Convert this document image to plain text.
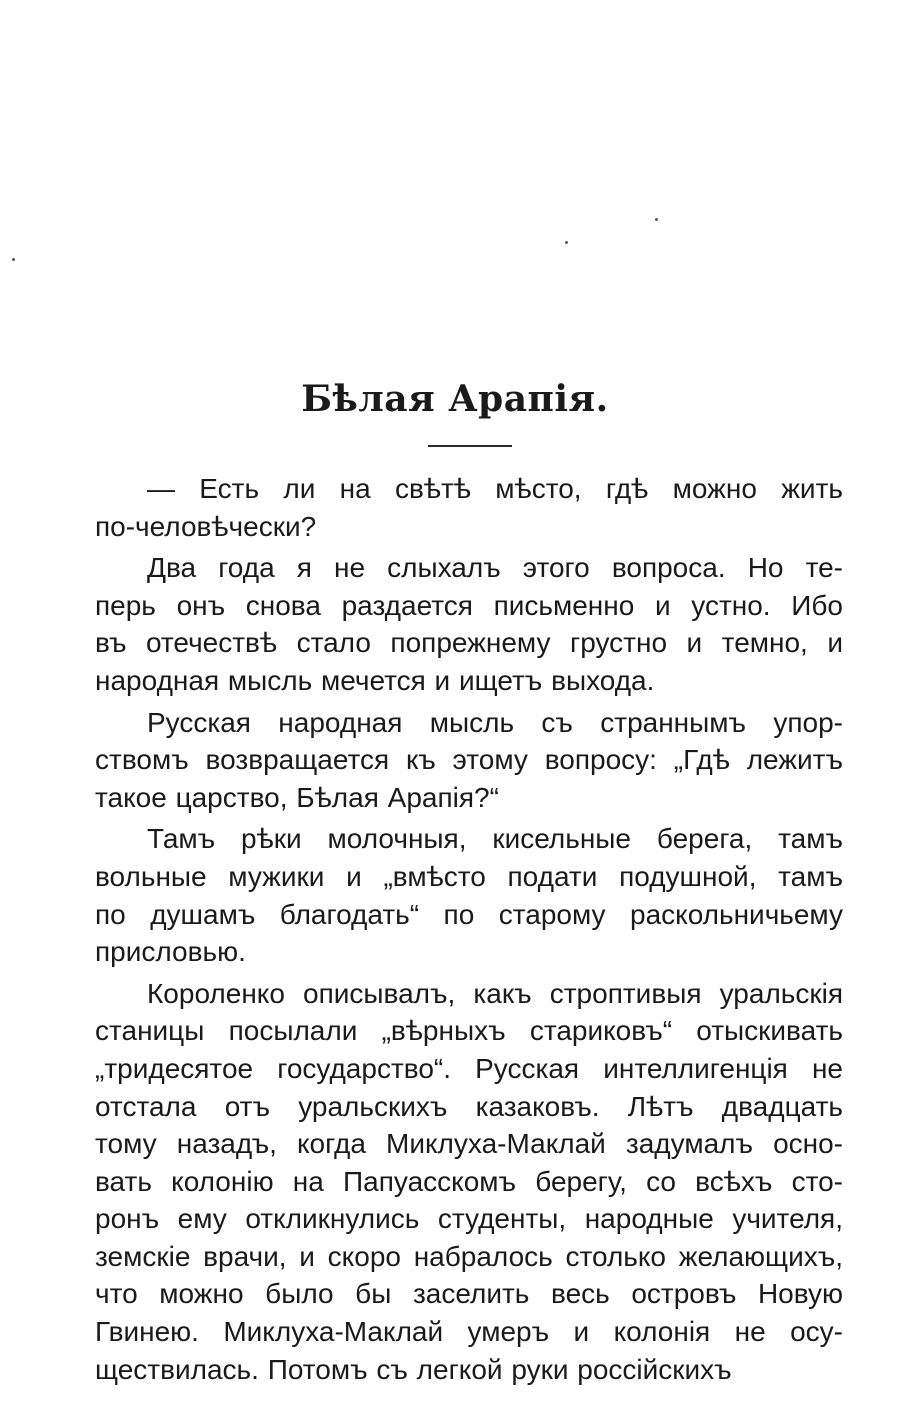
Бѣлая Арапія.

— Есть ли на свѣтѣ мѣсто, гдѣ можно жить
по-человѣчески?

Два года я не слыхалъ этого вопроса. Но те-
перь онъ снова раздается письменно и устно. Ибо
въ отечествѣ стало попрежнему грустно и темно, и
народная мысль мечется и ищетъ выхода.

Русская народная мысль съ страннымъ упор-
ствомъ возвращается къ этому вопросу: „Гдѣ лежитъ
такое царство, Бѣлая Арапія?“

Тамъ рѣки молочныя, кисельные берега, тамъ
вольные мужики и „вмѣсто подати подушной, тамъ
по душамъ благодать“ по старому раскольничьему
присловью.

Короленко описывалъ, какъ строптивыя уральскія
станицы посылали „вѣрныхъ стариковъ“ отыскивать
„тридесятое государство“. Русская интеллигенція не
отстала отъ уральскихъ казаковъ. Лѣтъ двадцать
тому назадъ, когда Миклуха-Маклай задумалъ осно-
вать колонію на Папуасскомъ берегу, со всѣхъ сто-
ронъ ему откликнулись студенты, народные учителя,
земскіе врачи, и скоро набралось столько желающихъ,
что можно было бы заселить весь островъ Новую
Гвинею. Миклуха-Маклай умеръ и колонія не осу-
ществилась. Потомъ съ легкой руки россійскихъ
